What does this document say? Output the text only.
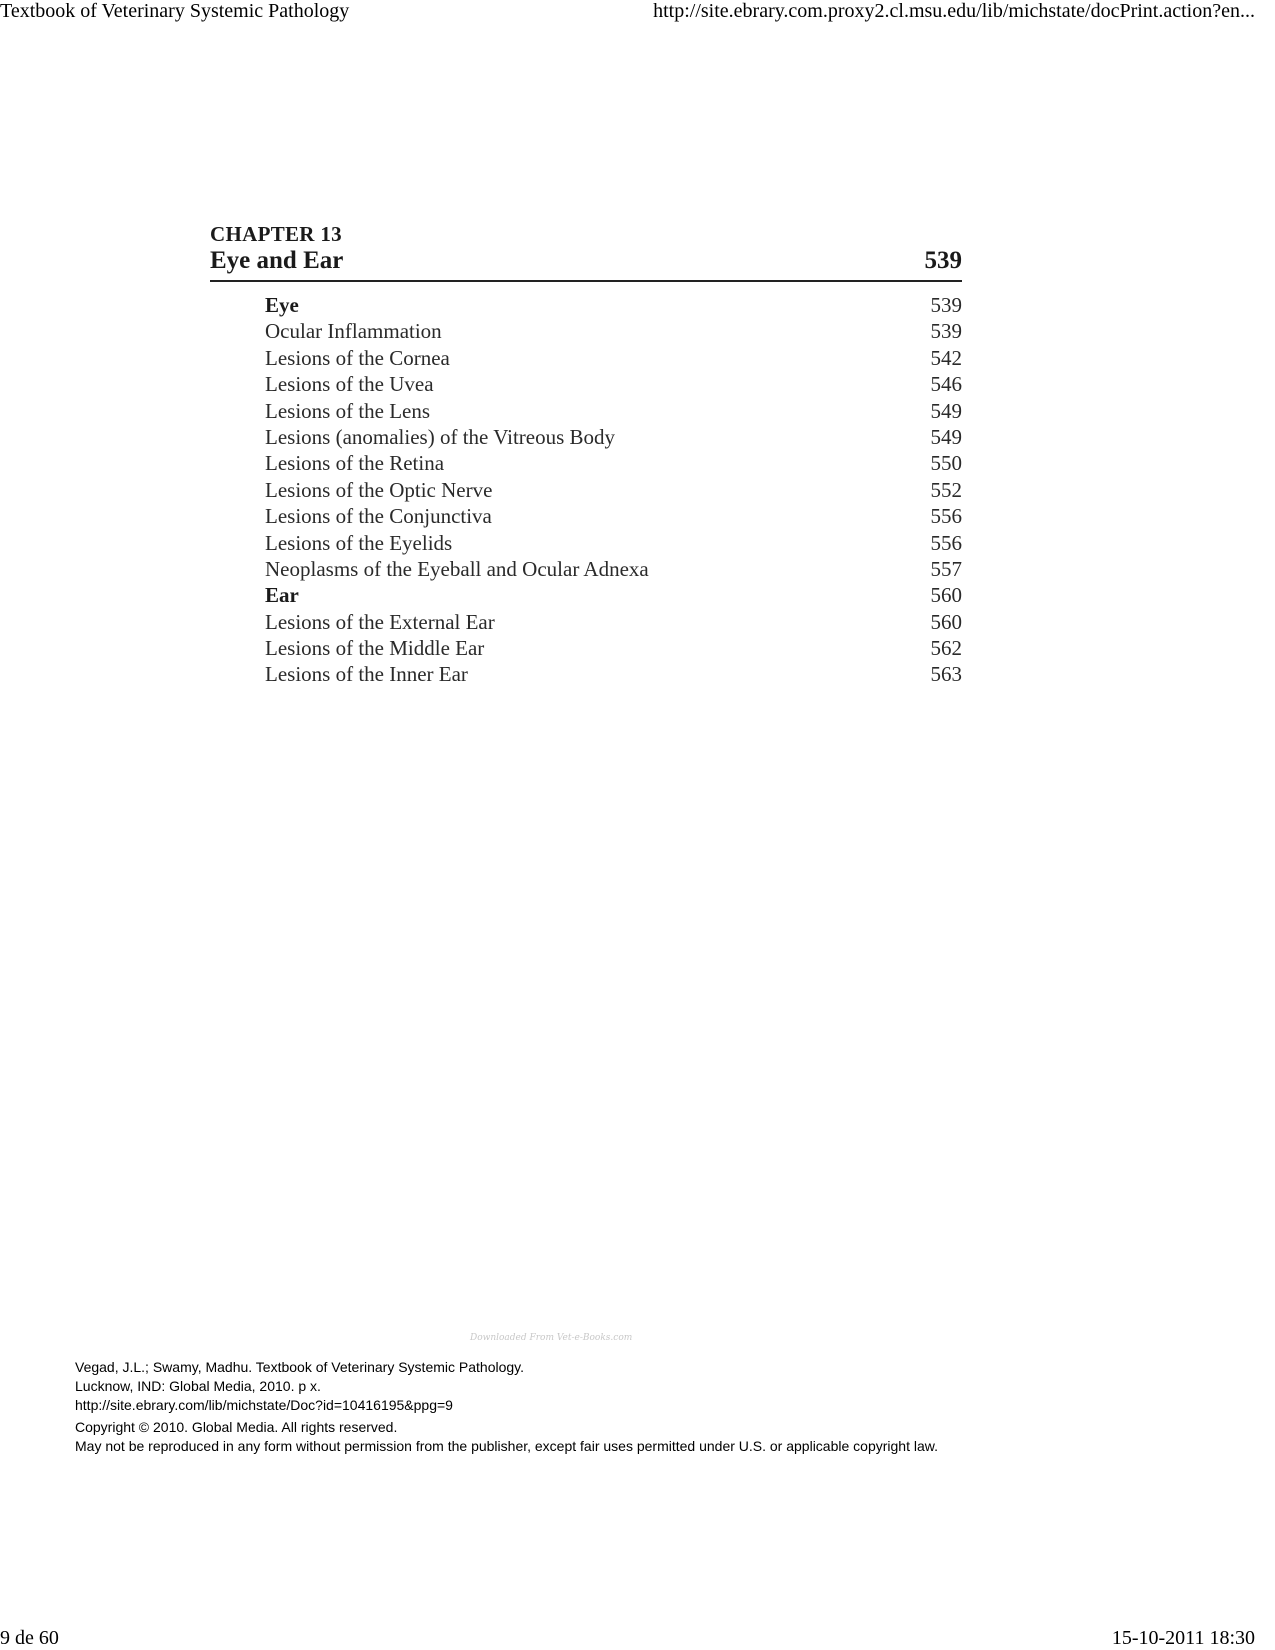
Textbook of Veterinary Systemic Pathology	http://site.ebrary.com.proxy2.cl.msu.edu/lib/michstate/docPrint.action?en...
CHAPTER 13
Eye and Ear	539
Eye	539
Ocular Inflammation	539
Lesions of the Cornea	542
Lesions of the Uvea	546
Lesions of the Lens	549
Lesions (anomalies) of the Vitreous Body	549
Lesions of the Retina	550
Lesions of the Optic Nerve	552
Lesions of the Conjunctiva	556
Lesions of the Eyelids	556
Neoplasms of the Eyeball and Ocular Adnexa	557
Ear	560
Lesions of the External Ear	560
Lesions of the Middle Ear	562
Lesions of the Inner Ear	563
Downloaded From Vet-e-Books.com

Vegad, J.L.; Swamy, Madhu. Textbook of Veterinary Systemic Pathology.

Lucknow, IND: Global Media, 2010. p x.

http://site.ebrary.com/lib/michstate/Doc?id=10416195&ppg=9

Copyright © 2010. Global Media. All rights reserved.

May not be reproduced in any form without permission from the publisher, except fair uses permitted under U.S. or applicable copyright law.

9 de 60	15-10-2011 18:30
